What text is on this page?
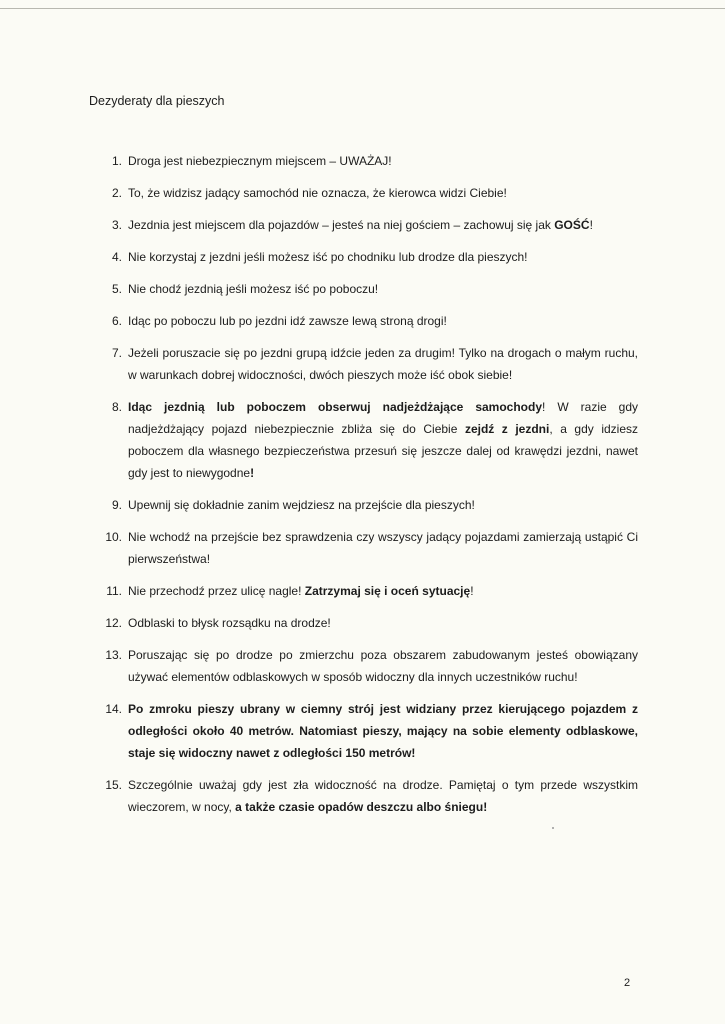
Dezyderaty dla pieszych
1. Droga jest niebezpiecznym miejscem – UWAŻAJ!
2. To, że widzisz jadący samochód nie oznacza, że kierowca widzi Ciebie!
3. Jezdnia jest miejscem dla pojazdów – jesteś na niej gościem – zachowuj się jak GOŚĆ!
4. Nie korzystaj z jezdni jeśli możesz iść po chodniku lub drodze dla pieszych!
5. Nie chodź jezdnią jeśli możesz iść po poboczu!
6. Idąc po poboczu lub po jezdni idź zawsze lewą stroną drogi!
7. Jeżeli poruszacie się po jezdni grupą idźcie jeden za drugim! Tylko na drogach o małym ruchu, w warunkach dobrej widoczności, dwóch pieszych może iść obok siebie!
8. Idąc jezdnią lub poboczem obserwuj nadjeżdżające samochody! W razie gdy nadjeżdżający pojazd niebezpiecznie zbliża się do Ciebie zejdź z jezdni, a gdy idziesz poboczem dla własnego bezpieczeństwa przesuń się jeszcze dalej od krawędzi jezdni, nawet gdy jest to niewygodne!
9. Upewnij się dokładnie zanim wejdziesz na przejście dla pieszych!
10. Nie wchodź na przejście bez sprawdzenia czy wszyscy jadący pojazdami zamierzają ustąpić Ci pierwszeństwa!
11. Nie przechodź przez ulicę nagle! Zatrzymaj się i oceń sytuację!
12. Odblaski to błysk rozsądku na drodze!
13. Poruszając się po drodze po zmierzchu poza obszarem zabudowanym jesteś obowiązany używać elementów odblaskowych w sposób widoczny dla innych uczestników ruchu!
14. Po zmroku pieszy ubrany w ciemny strój jest widziany przez kierującego pojazdem z odległości około 40 metrów. Natomiast pieszy, mający na sobie elementy odblaskowe, staje się widoczny nawet z odległości 150 metrów!
15. Szczególnie uważaj gdy jest zła widoczność na drodze. Pamiętaj o tym przede wszystkim wieczorem, w nocy, a także czasie opadów deszczu albo śniegu!
2
